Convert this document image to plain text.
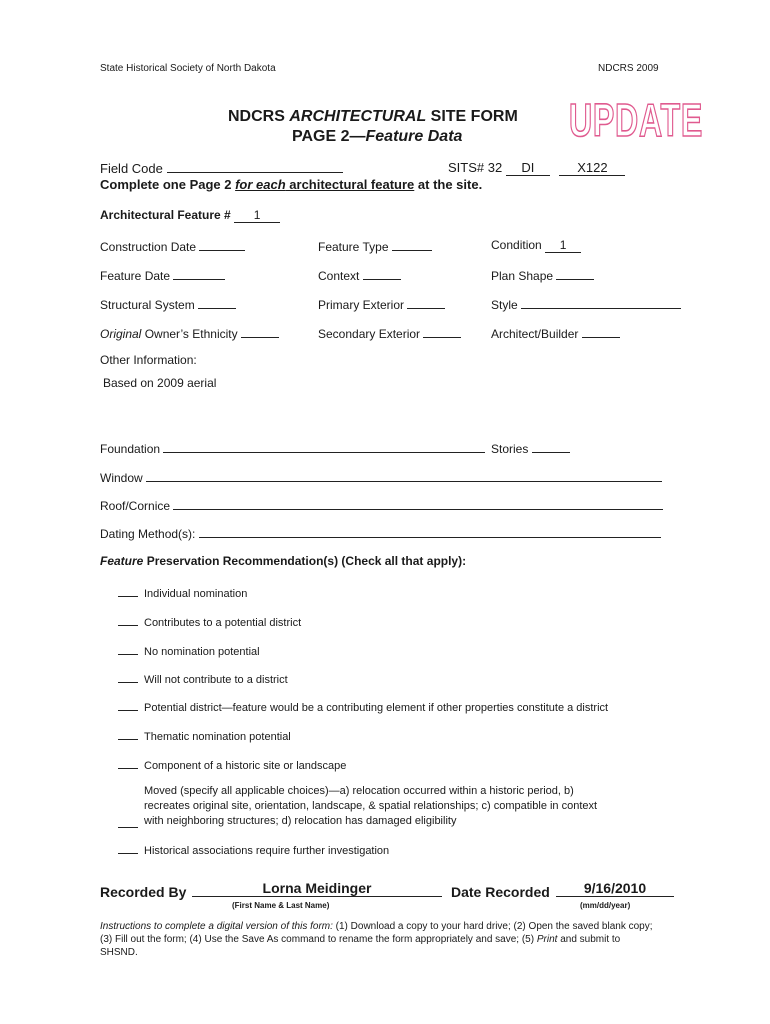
State Historical Society of North Dakota	NDCRS 2009
NDCRS ARCHITECTURAL SITE FORM
PAGE 2—Feature Data UPDATE
Field Code	SITS# 32 DI	X122
Complete one Page 2 for each architectural feature at the site.
Architectural Feature # 1
Construction Date	Feature Type	Condition 1
Feature Date	Context	Plan Shape
Structural System	Primary Exterior	Style
Original Owner’s Ethnicity	Secondary Exterior	Architect/Builder
Other Information:
Based on 2009 aerial
Foundation	Stories
Window
Roof/Cornice
Dating Method(s):
Feature Preservation Recommendation(s) (Check all that apply):
Individual nomination
Contributes to a potential district
No nomination potential
Will not contribute to a district
Potential district—feature would be a contributing element if other properties constitute a district
Thematic nomination potential
Component of a historic site or landscape
Moved (specify all applicable choices)—a) relocation occurred within a historic period, b)
recreates original site, orientation, landscape, & spatial relationships; c) compatible in context
with neighboring structures; d) relocation has damaged eligibility
Historical associations require further investigation
Recorded By	Lorna Meidinger
(First Name & Last Name)
Date Recorded	9/16/2010
(mm/dd/year)
Instructions to complete a digital version of this form: (1) Download a copy to your hard drive; (2) Open the saved blank copy; (3) Fill out the form; (4) Use the Save As command to rename the form appropriately and save; (5) Print and submit to SHSND.
